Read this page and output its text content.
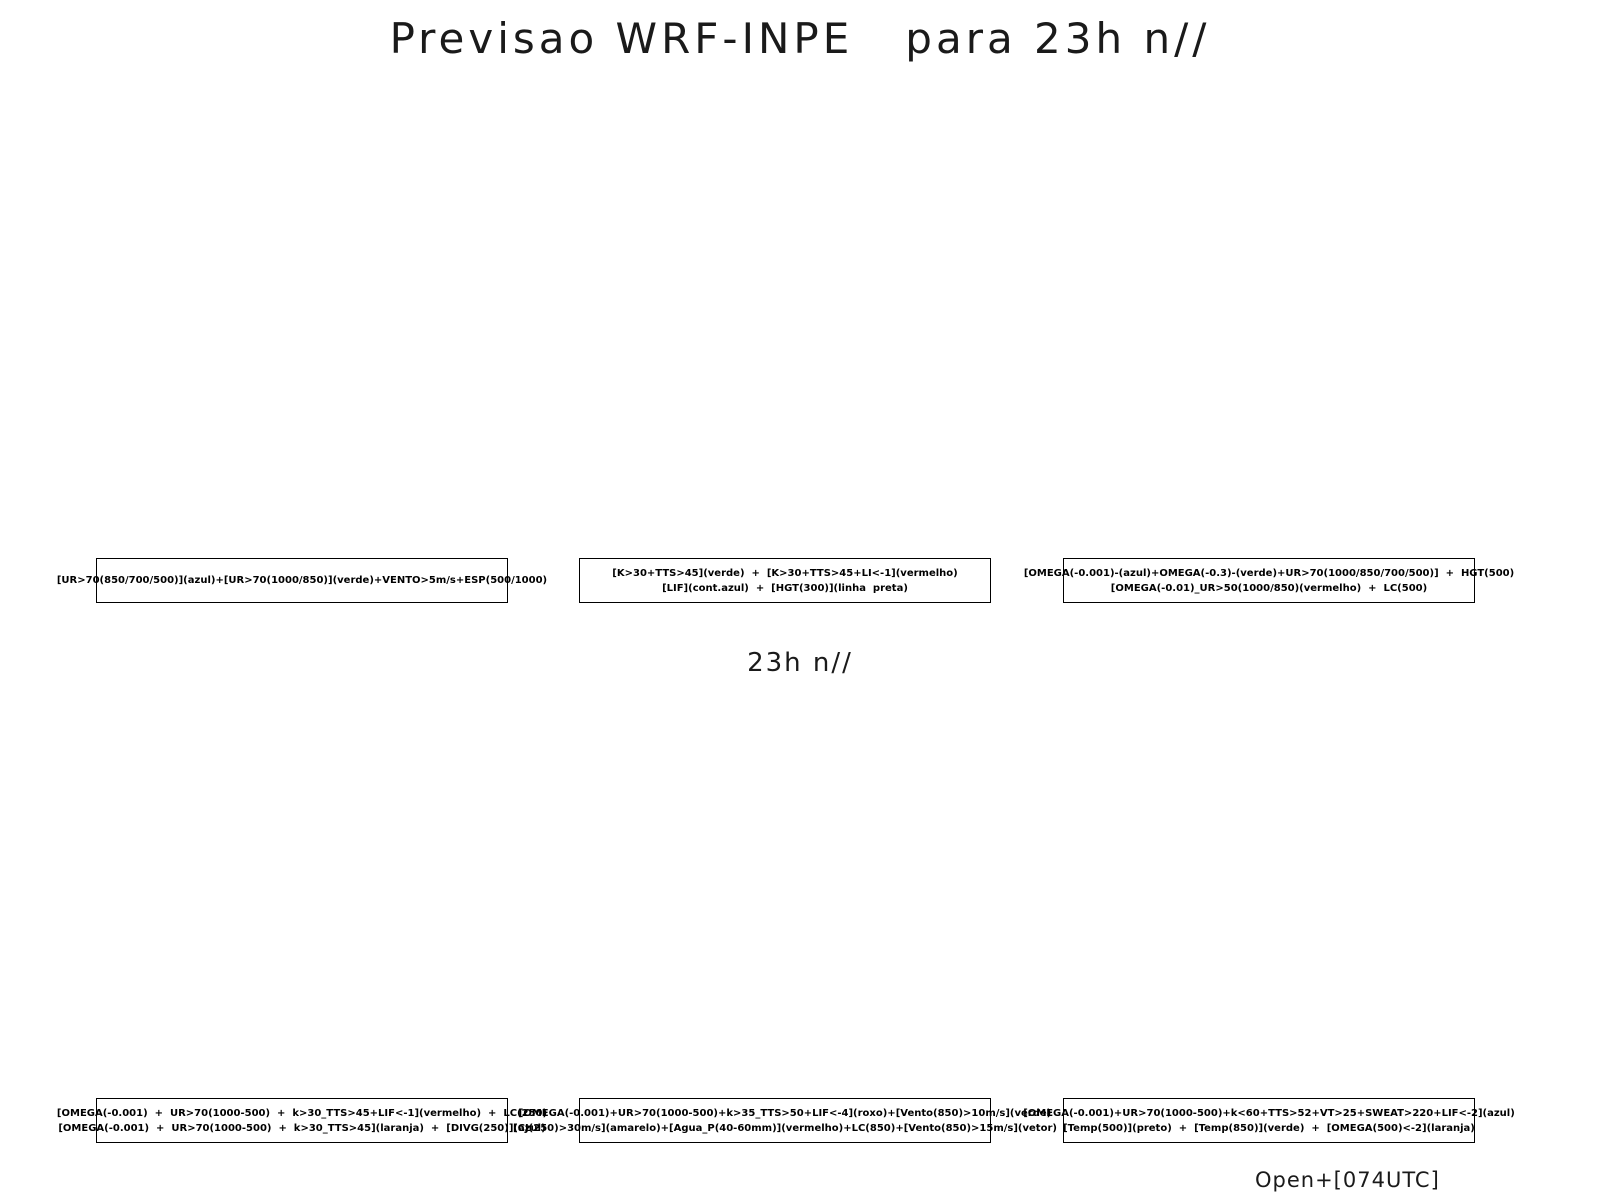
Previsao WRF-INPE   para 23h n//
[UR>70(850/700/500)](azul)+[UR>70(1000/850)](verde)+VENTO>5m/s+ESP(500/1000)
[K>30+TTS>45](verde)  +  [K>30+TTS>45+LI<-1](vermelho)
[LIF](cont.azul)  +  [HGT(300)](linha  preta)
[OMEGA(-0.001)-(azul)+OMEGA(-0.3)-(verde)+UR>70(1000/850/700/500)]  +  HGT(500)
[OMEGA(-0.01)_UR>50(1000/850)(vermelho)  +  LC(500)
23h n//
[OMEGA(-0.001)  +  UR>70(1000-500)  +  k>30_TTS>45+LIF<-1](vermelho)  +  LC(250)
[OMEGA(-0.001)  +  UR>70(1000-500)  +  k>30_TTS>45](laranja)  +  [DIVG(250)](azul)
[OMEGA(-0.001)+UR>70(1000-500)+k>35_TTS>50+LIF<-4](roxo)+[Vento(850)>10m/s](verde)
[CJ(250)>30m/s](amarelo)+[Agua_P(40-60mm)](vermelho)+LC(850)+[Vento(850)>15m/s](vetor)
[OMEGA(-0.001)+UR>70(1000-500)+k<60+TTS>52+VT>25+SWEAT>220+LIF<-2](azul)
[Temp(500)](preto)  +  [Temp(850)](verde)  +  [OMEGA(500)<-2](laranja)
Open+[074UTC]
